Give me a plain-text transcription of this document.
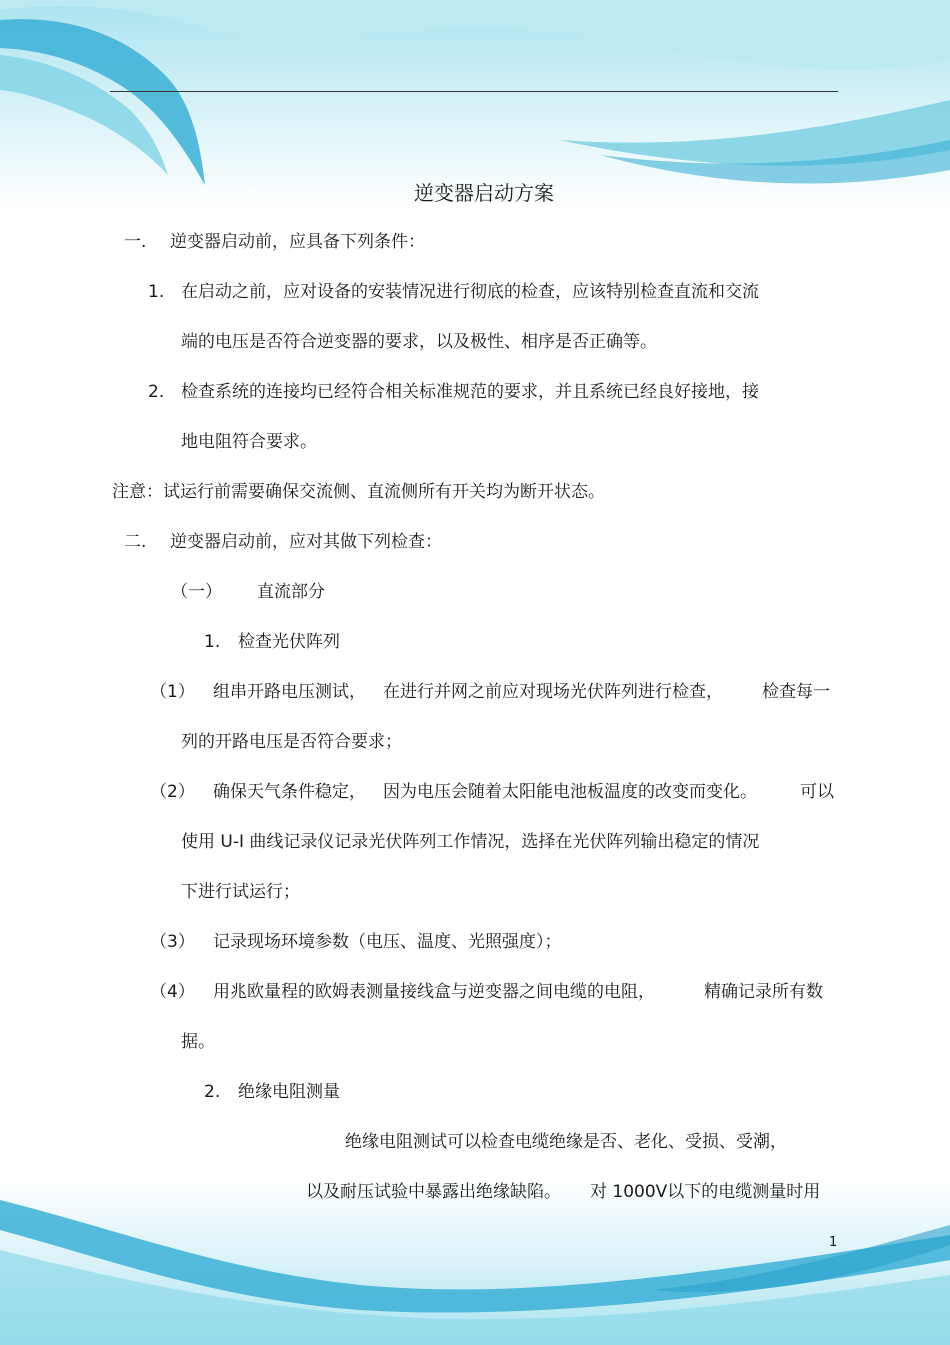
逆变器启动方案
一. 逆变器启动前，应具备下列条件：
1. 在启动之前，应对设备的安装情况进行彻底的检查，应该特别检查直流和交流
端的电压是否符合逆变器的要求，以及极性、相序是否正确等。
2. 检查系统的连接均已经符合相关标准规范的要求，并且系统已经良好接地，接
地电阻符合要求。
注意：试运行前需要确保交流侧、直流侧所有开关均为断开状态。
二. 逆变器启动前，应对其做下列检查：
（一） 直流部分
1. 检查光伏阵列
（1） 组串开路电压测试， 在进行并网之前应对现场光伏阵列进行检查， 检查每一
列的开路电压是否符合要求；
（2） 确保天气条件稳定， 因为电压会随着太阳能电池板温度的改变而变化。	可以
使用 U-I 曲线记录仪记录光伏阵列工作情况，选择在光伏阵列输出稳定的情况
下进行试运行；
（3） 记录现场环境参数（电压、温度、光照强度）；
（4） 用兆欧量程的欧姆表测量接线盒与逆变器之间电缆的电阻，	精确记录所有数
据。
2. 绝缘电阻测量
绝缘电阻测试可以检查电缆绝缘是否、老化、受损、受潮，
以及耐压试验中暴露出绝缘缺陷。 对 1000V以下的电缆测量时用
1
